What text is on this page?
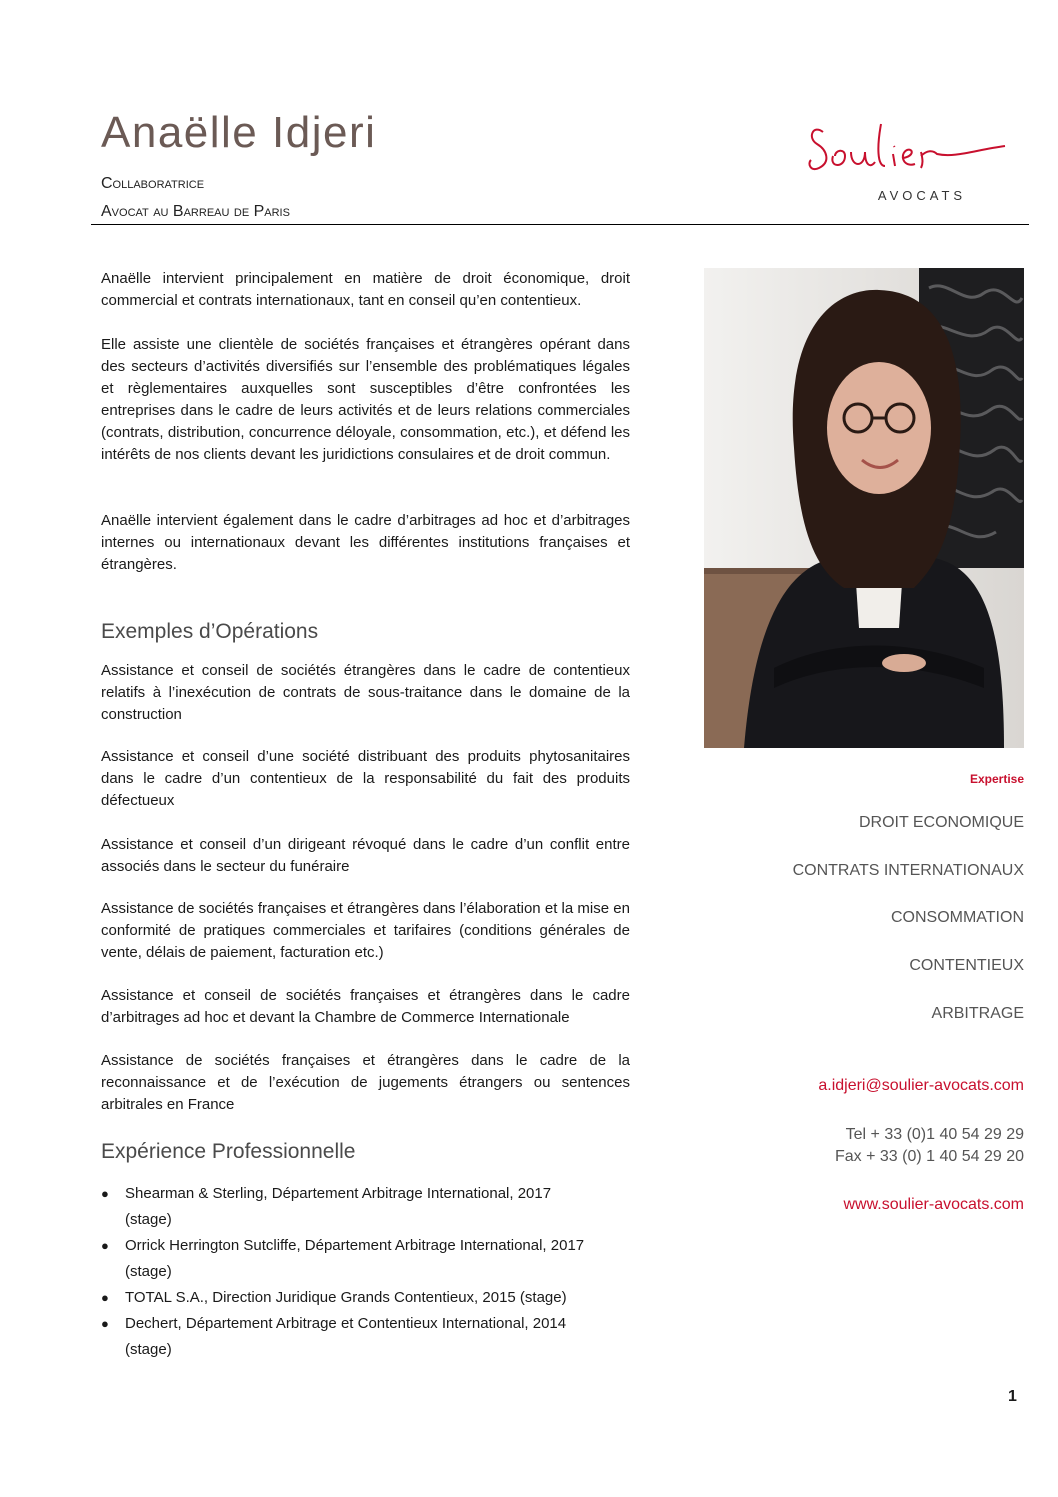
Anaëlle Idjeri
Collaboratrice
Avocat au Barreau de Paris
AVOCATS

Anaëlle intervient principalement en matière de droit économique, droit commercial et contrats internationaux, tant en conseil qu’en contentieux.

Elle assiste une clientèle de sociétés françaises et étrangères opérant dans des secteurs d’activités diversifiés sur l’ensemble des problématiques légales et règlementaires auxquelles sont susceptibles d’être confrontées les entreprises dans le cadre de leurs activités et de leurs relations commerciales (contrats, distribution, concurrence déloyale, consommation, etc.), et défend les intérêts de nos clients devant les juridictions consulaires et de droit commun.

Anaëlle intervient également dans le cadre d’arbitrages ad hoc et d’arbitrages internes ou internationaux devant les différentes institutions françaises et étrangères.

Exemples d’Opérations

Assistance et conseil de sociétés étrangères dans le cadre de contentieux relatifs à l’inexécution de contrats de sous-traitance dans le domaine de la construction

Assistance et conseil d’une société distribuant des produits phytosanitaires dans le cadre d’un contentieux de la responsabilité du fait des produits défectueux

Assistance et conseil d’un dirigeant révoqué dans le cadre d’un conflit entre associés dans le secteur du funéraire

Assistance de sociétés françaises et étrangères dans l’élaboration et la mise en conformité de pratiques commerciales et tarifaires (conditions générales de vente, délais de paiement, facturation etc.)

Assistance et conseil de sociétés françaises et étrangères dans le cadre d’arbitrages ad hoc et devant la Chambre de Commerce Internationale

Assistance de sociétés françaises et étrangères dans le cadre de la reconnaissance et de l’exécution de jugements étrangers ou sentences arbitrales en France

Expérience Professionnelle
●	Shearman & Sterling, Département Arbitrage International, 2017
(stage)
●	Orrick Herrington Sutcliffe, Département Arbitrage International, 2017
(stage)
●	TOTAL S.A., Direction Juridique Grands Contentieux, 2015 (stage)
●	Dechert, Département Arbitrage et Contentieux International, 2014
(stage)
Expertise
DROIT ECONOMIQUE
CONTRATS INTERNATIONAUX
CONSOMMATION
CONTENTIEUX
ARBITRAGE
a.idjeri@soulier-avocats.com
Tel + 33 (0)1 40 54 29 29
Fax + 33 (0) 1 40 54 29 20
www.soulier-avocats.com
1
